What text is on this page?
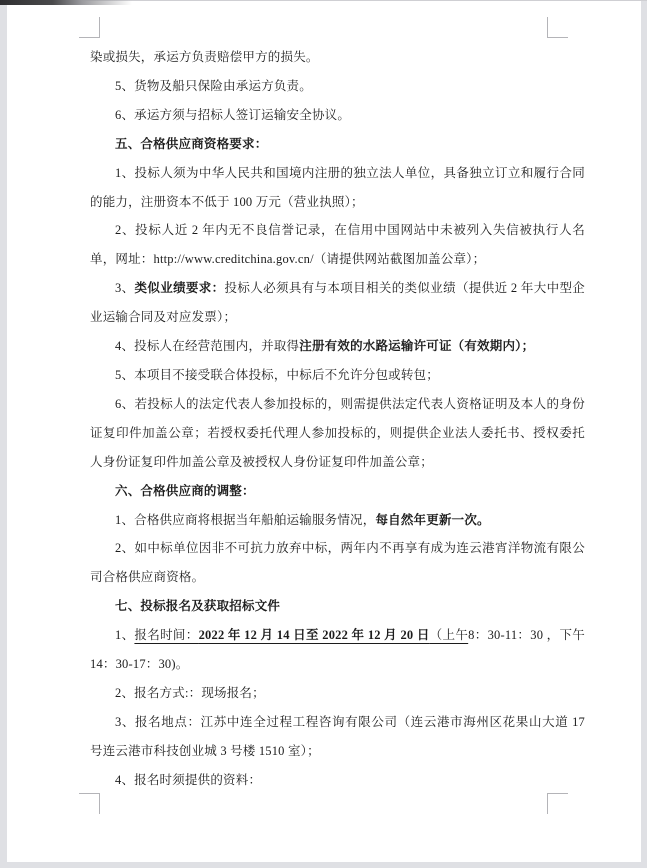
染或损失，承运方负责赔偿甲方的损失。

5、货物及船只保险由承运方负责。

6、承运方须与招标人签订运输安全协议。

五、合格供应商资格要求：

1、投标人须为中华人民共和国境内注册的独立法人单位，具备独立订立和履行合同的能力，注册资本不低于 100 万元（营业执照）；

2、投标人近 2 年内无不良信誉记录，在信用中国网站中未被列入失信被执行人名单，网址：http://www.creditchina.gov.cn/（请提供网站截图加盖公章）；

3、类似业绩要求：投标人必须具有与本项目相关的类似业绩（提供近 2 年大中型企业运输合同及对应发票）；

4、投标人在经营范围内，并取得注册有效的水路运输许可证（有效期内）；

5、本项目不接受联合体投标，中标后不允许分包或转包；

6、若投标人的法定代表人参加投标的，则需提供法定代表人资格证明及本人的身份证复印件加盖公章；若授权委托代理人参加投标的，则提供企业法人委托书、授权委托人身份证复印件加盖公章及被授权人身份证复印件加盖公章；

六、合格供应商的调整：

1、合格供应商将根据当年船舶运输服务情况，每自然年更新一次。

2、如中标单位因非不可抗力放弃中标，两年内不再享有成为连云港宵洋物流有限公司合格供应商资格。

七、投标报名及获取招标文件

1、报名时间：2022 年 12 月 14 日至 2022 年 12 月 20 日（上午8：30-11：30 ，下午 14：30-17：30)。

2、报名方式:：现场报名；

3、报名地点：江苏中连全过程工程咨询有限公司（连云港市海州区花果山大道 17 号连云港市科技创业城 3 号楼 1510 室）；

4、报名时须提供的资料：
